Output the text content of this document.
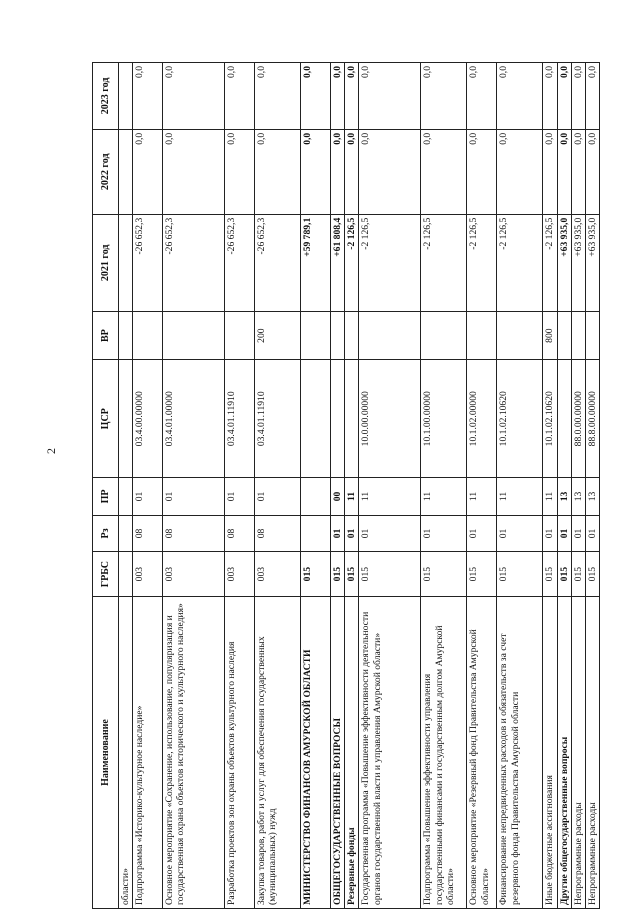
2
Наименование	ГРБС	Рз	ПР	ЦСР	ВР	2021 год	2022 год	2023 год
области»								
Подпрограмма «Историко-культурное наследие»	003	08	01	03.4.00.00000		-26 652,3	0,0	0,0
Основное мероприятие «Сохранение, использование, популяризация и государственная охрана объектов исторического и культурного наследия»	003	08	01	03.4.01.00000		-26 652,3	0,0	0,0
Разработка проектов зон охраны объектов культурного наследия	003	08	01	03.4.01.11910		-26 652,3	0,0	0,0
Закупка товаров, работ и услуг для обеспечения государственных (муниципальных) нужд	003	08	01	03.4.01.11910	200	-26 652,3	0,0	0,0
МИНИСТЕРСТВО ФИНАНСОВ АМУРСКОЙ ОБЛАСТИ	015					+59 789,1	0,0	0,0
ОБЩЕГОСУДАРСТВЕННЫЕ ВОПРОСЫ	015	01	00			+61 808,4	0,0	0,0
Резервные фонды	015	01	11			-2 126,5	0,0	0,0
Государственная программа «Повышение эффективности деятельности органов государственной власти и управления Амурской области»	015	01	11	10.0.00.00000		-2 126,5	0,0	0,0
Подпрограмма «Повышение эффективности управления государственными финансами и государственным долгом Амурской области»	015	01	11	10.1.00.00000		-2 126,5	0,0	0,0
Основное мероприятие «Резервный фонд Правительства Амурской области»	015	01	11	10.1.02.00000		-2 126,5	0,0	0,0
Финансирование непредвиденных расходов и обязательств за счет резервного фонда Правительства Амурской области	015	01	11	10.1.02.10620		-2 126,5	0,0	0,0
Иные бюджетные ассигнования	015	01	11	10.1.02.10620	800	-2 126,5	0,0	0,0
Другие общегосударственные вопросы	015	01	13			+63 935,0	0,0	0,0
Непрограммные расходы	015	01	13	88.0.00.00000		+63 935,0	0,0	0,0
Непрограммные расходы	015	01	13	88.8.00.00000		+63 935,0	0,0	0,0
